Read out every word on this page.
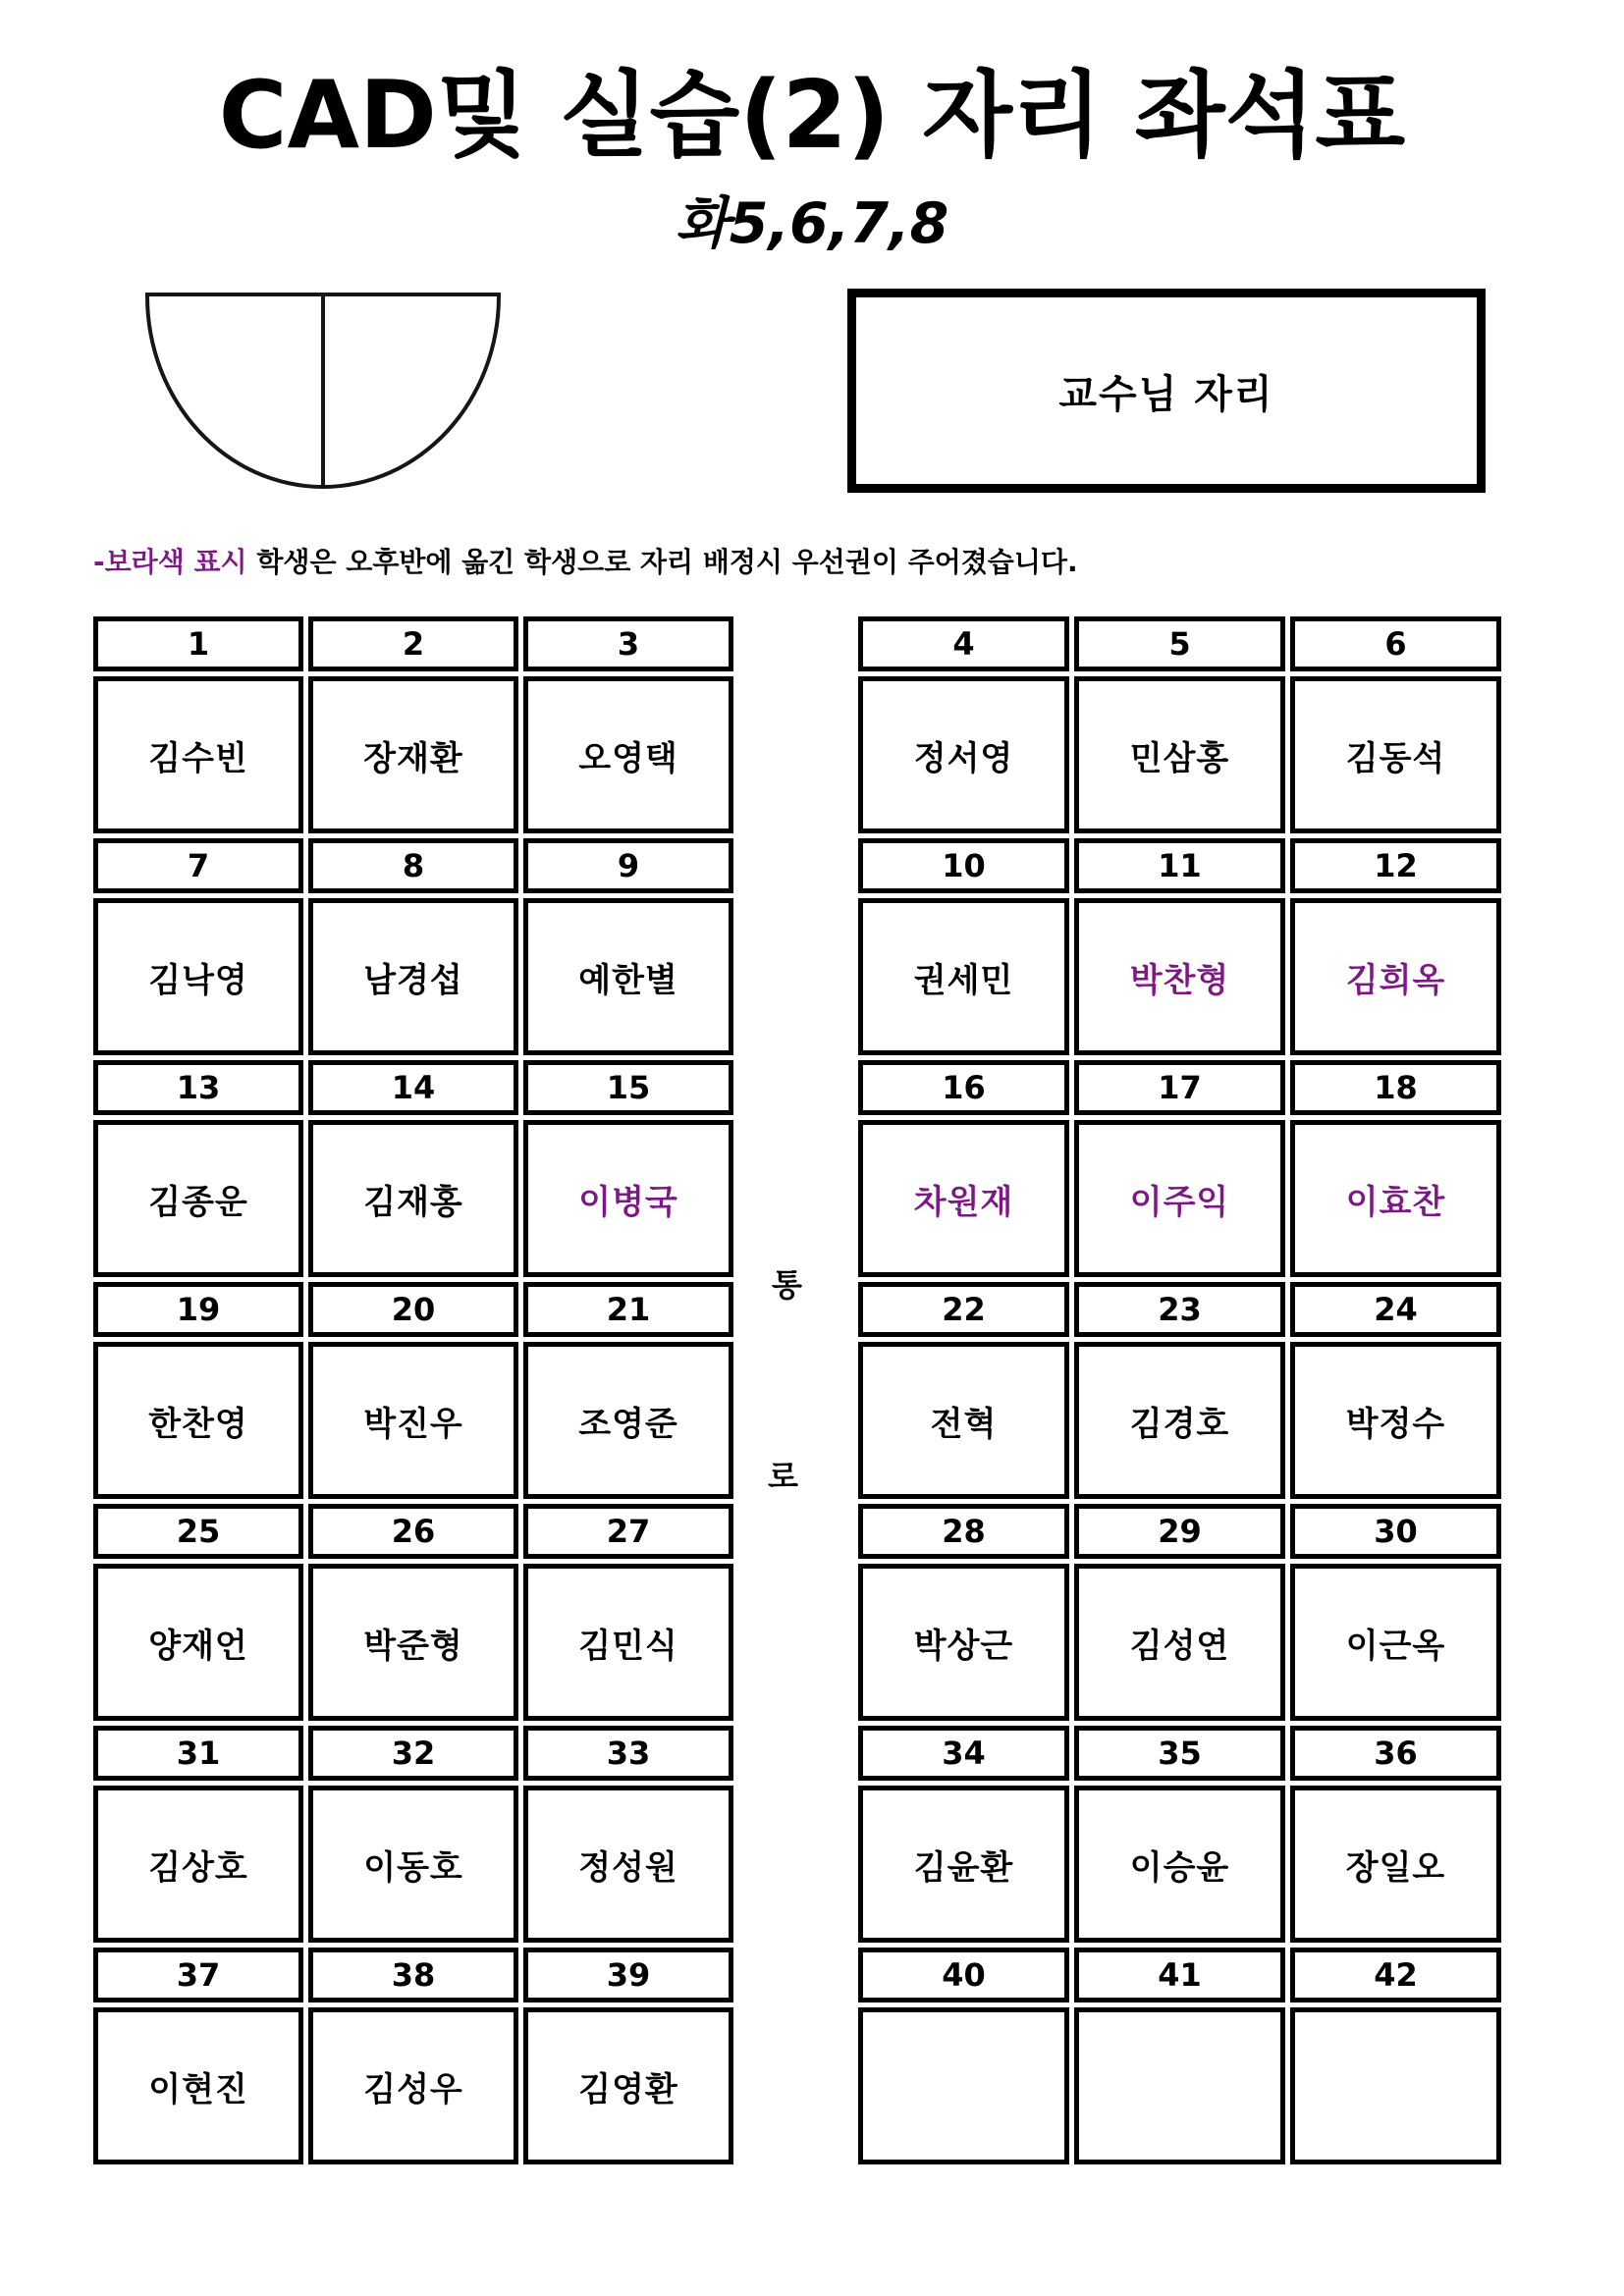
CAD및 실습(2) 자리 좌석표
화5,6,7,8
교수님 자리
-보라색 표시 학생은 오후반에 옮긴 학생으로 자리 배정시 우선권이 주어졌습니다.
1	2	3
김수빈	장재환	오영택
7	8	9
김낙영	남경섭	예한별
13	14	15
김종운	김재홍	이병국
19	20	21
한찬영	박진우	조영준
25	26	27
양재언	박준형	김민식
31	32	33
김상호	이동호	정성원
37	38	39
이현진	김성우	김영환
4	5	6
정서영	민삼홍	김동석
10	11	12
권세민	박찬형	김희옥
16	17	18
차원재	이주익	이효찬
22	23	24
전혁	김경호	박정수
28	29	30
박상근	김성연	이근옥
34	35	36
김윤환	이승윤	장일오
40	41	42
통
로
